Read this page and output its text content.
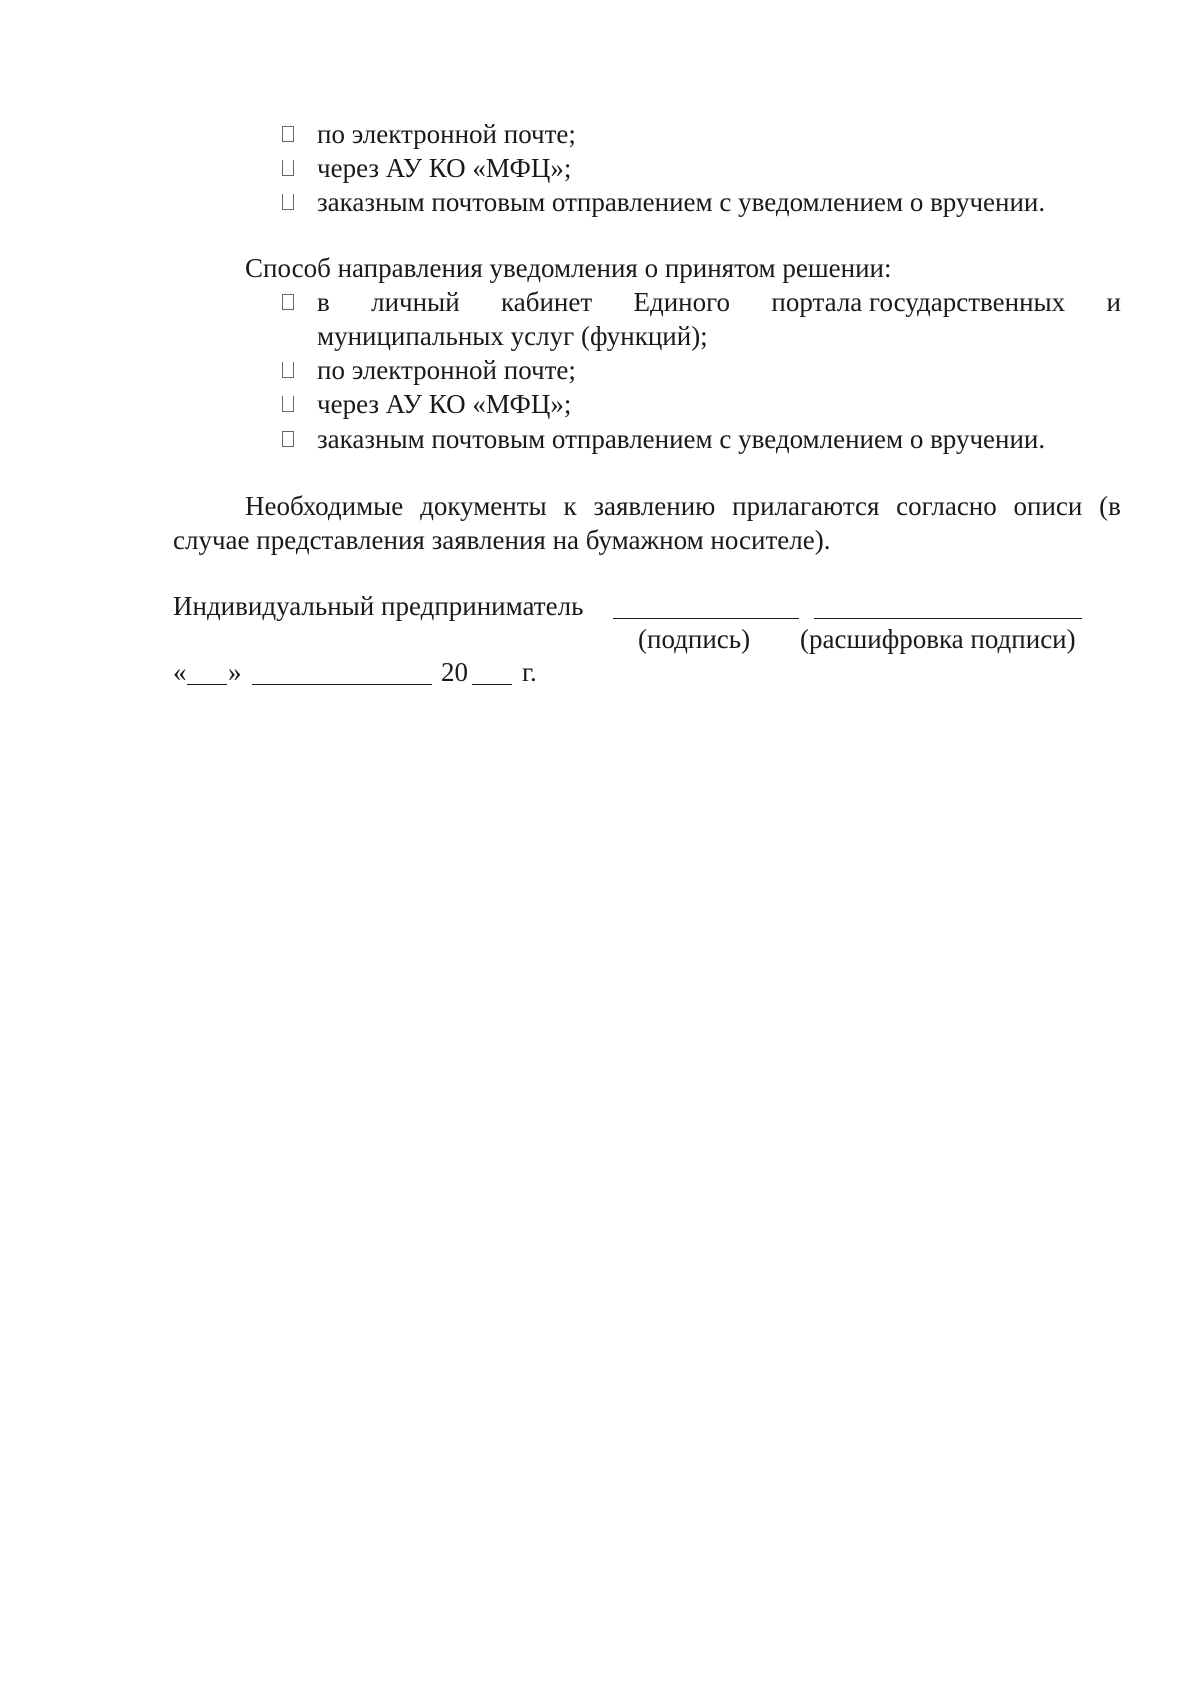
по электронной почте;
через АУ КО «МФЦ»;
заказным почтовым отправлением с уведомлением о вручении.
Способ направления уведомления о принятом решении:
в личный кабинет Единого портала государственных и
муниципальных услуг (функций);
по электронной почте;
через АУ КО «МФЦ»;
заказным почтовым отправлением с уведомлением о вручении.
Необходимые документы к заявлению прилагаются согласно описи (в
случае представления заявления на бумажном носителе).
Индивидуальный предприниматель
(подпись) (расшифровка подписи)
« »	20 г.
